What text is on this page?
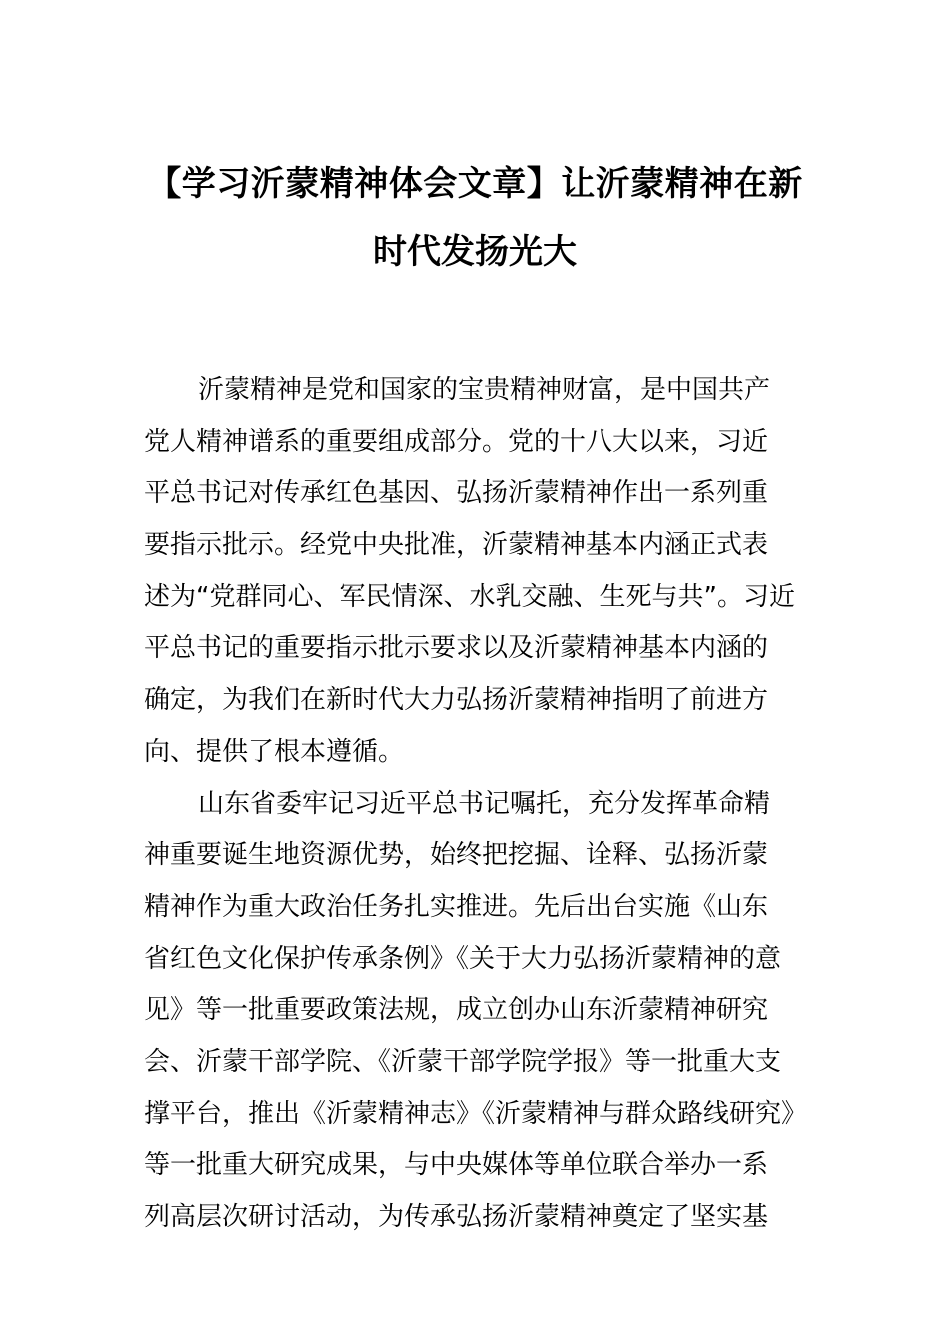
【学习沂蒙精神体会文章】让沂蒙精神在新
时代发扬光大
沂蒙精神是党和国家的宝贵精神财富，是中国共产
党人精神谱系的重要组成部分。党的十八大以来，习近
平总书记对传承红色基因、弘扬沂蒙精神作出一系列重
要指示批示。经党中央批准，沂蒙精神基本内涵正式表
述为“党群同心、军民情深、水乳交融、生死与共”。习近
平总书记的重要指示批示要求以及沂蒙精神基本内涵的
确定，为我们在新时代大力弘扬沂蒙精神指明了前进方
向、提供了根本遵循。
山东省委牢记习近平总书记嘱托，充分发挥革命精
神重要诞生地资源优势，始终把挖掘、诠释、弘扬沂蒙
精神作为重大政治任务扎实推进。先后出台实施《山东
省红色文化保护传承条例》《关于大力弘扬沂蒙精神的意
见》等一批重要政策法规，成立创办山东沂蒙精神研究
会、沂蒙干部学院、《沂蒙干部学院学报》等一批重大支
撑平台，推出《沂蒙精神志》《沂蒙精神与群众路线研究》
等一批重大研究成果，与中央媒体等单位联合举办一系
列高层次研讨活动，为传承弘扬沂蒙精神奠定了坚实基
